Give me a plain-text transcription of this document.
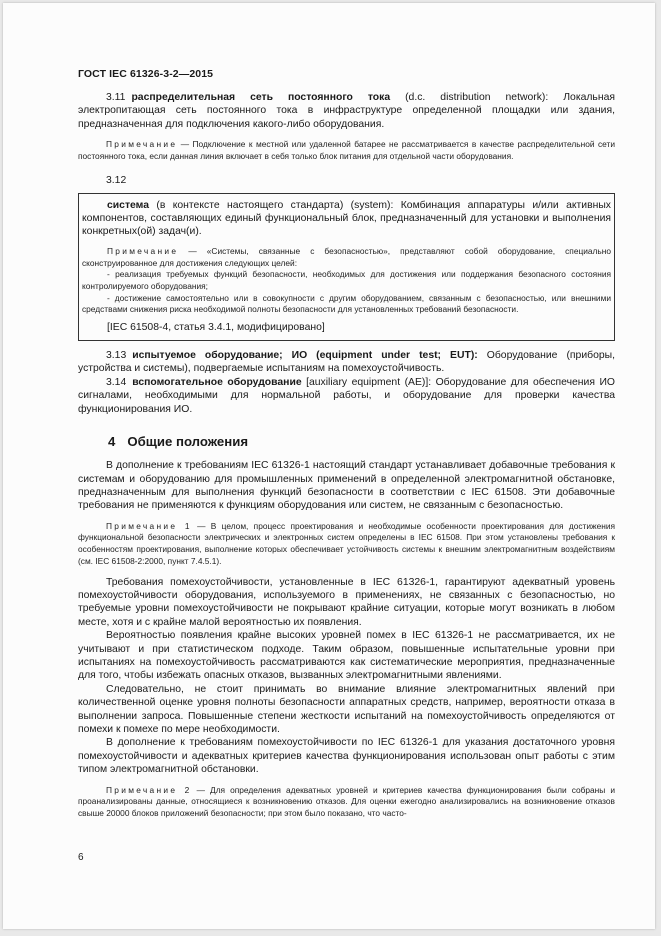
ГОСТ IEC 61326-3-2—2015

3.11 распределительная сеть постоянного тока (d.c. distribution network): Локальная электропитающая сеть постоянного тока в инфраструктуре определенной площадки или здания, предназначенная для подключения какого-либо оборудования.

Примечание — Подключение к местной или удаленной батарее не рассматривается в качестве распределительной сети постоянного тока, если данная линия включает в себя только блок питания для отдельной части оборудования.

3.12

система (в контексте настоящего стандарта) (system): Комбинация аппаратуры и/или активных компонентов, составляющих единый функциональный блок, предназначенный для установки и выполнения конкретных(ой) задач(и).

Примечание — «Системы, связанные с безопасностью», представляют собой оборудование, специально сконструированное для достижения следующих целей:

- реализация требуемых функций безопасности, необходимых для достижения или поддержания безопасного состояния контролируемого оборудования;

- достижение самостоятельно или в совокупности с другим оборудованием, связанным с безопасностью, или внешними средствами снижения риска необходимой полноты безопасности для установленных требований безопасности.

[IEC 61508-4, статья 3.4.1, модифицировано]

3.13 испытуемое оборудование; ИО (equipment under test; EUT): Оборудование (приборы, устройства и системы), подвергаемые испытаниям на помехоустойчивость.

3.14 вспомогательное оборудование [auxiliary equipment (AE)]: Оборудование для обеспечения ИО сигналами, необходимыми для нормальной работы, и оборудование для проверки качества функционирования ИО.

4 Общие положения

В дополнение к требованиям IEC 61326-1 настоящий стандарт устанавливает добавочные требования к системам и оборудованию для промышленных применений в определенной электромагнитной обстановке, предназначенным для выполнения функций безопасности в соответствии с IEC 61508. Эти добавочные требования не применяются к функциям оборудования или систем, не связанным с безопасностью.

Примечание 1 — В целом, процесс проектирования и необходимые особенности проектирования для достижения функциональной безопасности электрических и электронных систем определены в IEC 61508. При этом установлены требования к особенностям проектирования, выполнение которых обеспечивает устойчивость системы к внешним электромагнитным воздействиям (см. IEC 61508-2:2000, пункт 7.4.5.1).

Требования помехоустойчивости, установленные в IEC 61326-1, гарантируют адекватный уровень помехоустойчивости оборудования, используемого в применениях, не связанных с безопасностью, но требуемые уровни помехоустойчивости не покрывают крайние ситуации, которые могут возникать в любом месте, хотя и с крайне малой вероятностью их появления.

Вероятностью появления крайне высоких уровней помех в IEC 61326-1 не рассматривается, их не учитывают и при статистическом подходе. Таким образом, повышенные испытательные уровни при испытаниях на помехоустойчивость рассматриваются как систематические мероприятия, предназначенные для того, чтобы избежать опасных отказов, вызванных электромагнитными явлениями.

Следовательно, не стоит принимать во внимание влияние электромагнитных явлений при количественной оценке уровня полноты безопасности аппаратных средств, например, вероятности отказа в выполнении запроса. Повышенные степени жесткости испытаний на помехоустойчивость определяются от помехи к помехе по мере необходимости.

В дополнение к требованиям помехоустойчивости по IEC 61326-1 для указания достаточного уровня помехоустойчивости и адекватных критериев качества функционирования использован опыт работы с этим типом электромагнитной обстановки.

Примечание 2 — Для определения адекватных уровней и критериев качества функционирования были собраны и проанализированы данные, относящиеся к возникновению отказов. Для оценки ежегодно анализировались на возникновение отказов свыше 20000 блоков приложений безопасности; при этом было показано, что часто-

6
